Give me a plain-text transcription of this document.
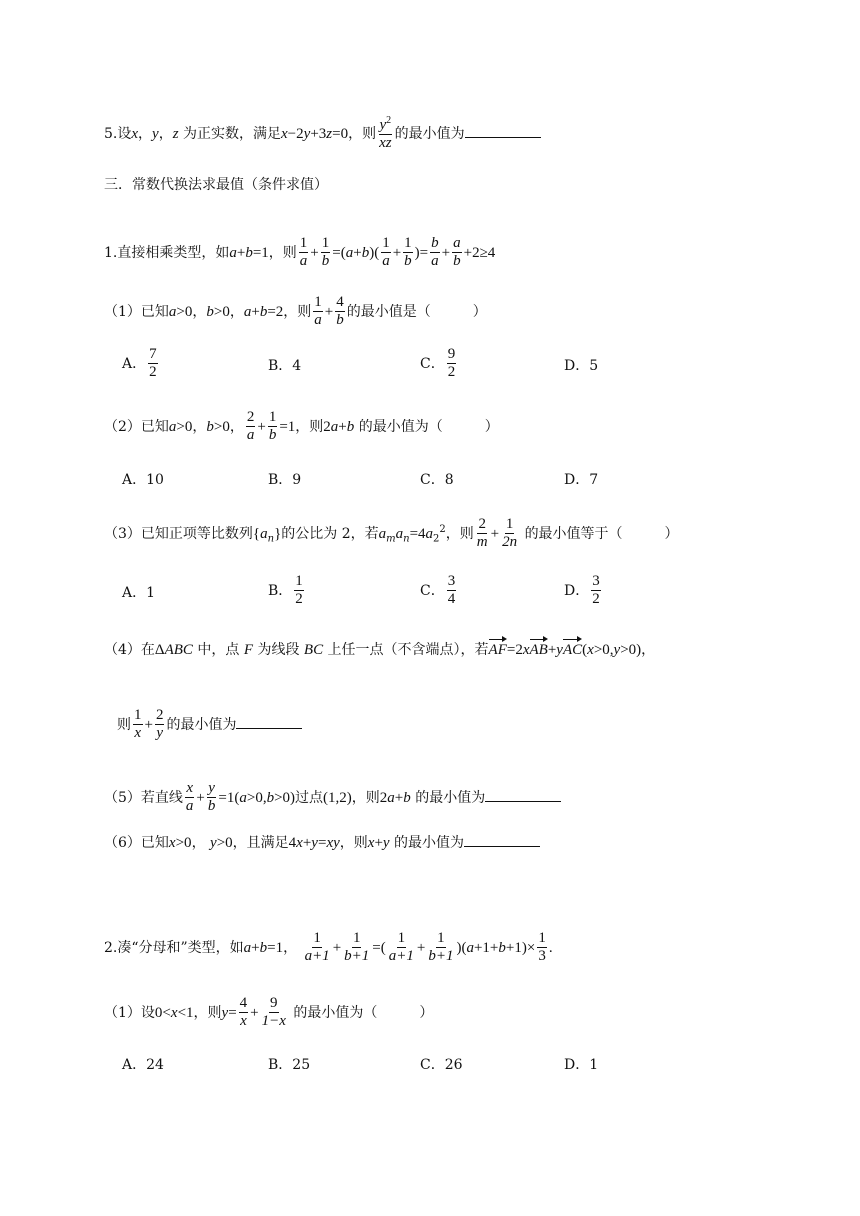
5.设x，y，z 为正实数，满足x−2y+3z=0，则 $\frac{y^2}{xz}$ 的最小值为
三．常数代换法求最值（条件求值）
1.直接相乘类型，如a+b=1，则 $\frac{1}{a} + \frac{1}{b} =(a+b)( \frac{1}{a} + \frac{1}{b}$ )= $\frac{b}{a} + \frac{a}{b} +2\ge 4$
（1）已知a>0，b>0，a+b=2，则 $\frac{1}{a} + \frac{4}{b}$ 的最小值是（　　　）
A． $\frac{7}{2}$	B．4	C． $\frac{9}{2}$	D．5
（2）已知a>0，b>0， $\frac{2}{a} + \frac{1}{b} =1$，则2a+b 的最小值为（　　　）
A．10	B．9	C．8	D．7
（3）已知正项等比数列$\{a_n\}$的公比为 2，若$a_ma_n=4a_2^2$，则 $\frac{2}{m} + \frac{1}{2n}$ 的最小值等于（　　　）
A．1	B． $\frac{1}{2}$	C． $\frac{3}{4}$	D． $\frac{3}{2}$
（4）在ΔABC 中，点 F 为线段 BC 上任一点（不含端点），若AF=2xAB+yAC(x>0,y>0)，
则 $\frac{1}{x} + \frac{2}{y}$ 的最小值为
（5）若直线 $\frac{x}{a} + \frac{y}{b} =1(a>0,b>0)$过点(1,2)，则2a+b 的最小值为
（6）已知x>0， y>0，且满足4x+y=xy，则x+y 的最小值为
2.凑“分母和”类型，如a+b=1， $\frac{1}{a+1} + \frac{1}{b+1}$ =( $\frac{1}{a+1} + \frac{1}{b+1} )(a+1+b+1)\times \frac{1}{3}$ .
（1）设0<x<1，则$y= \frac{4}{x} + \frac{9}{1-x}$ 的最小值为（　　　）
A．24	B．25	C．26	D．1
